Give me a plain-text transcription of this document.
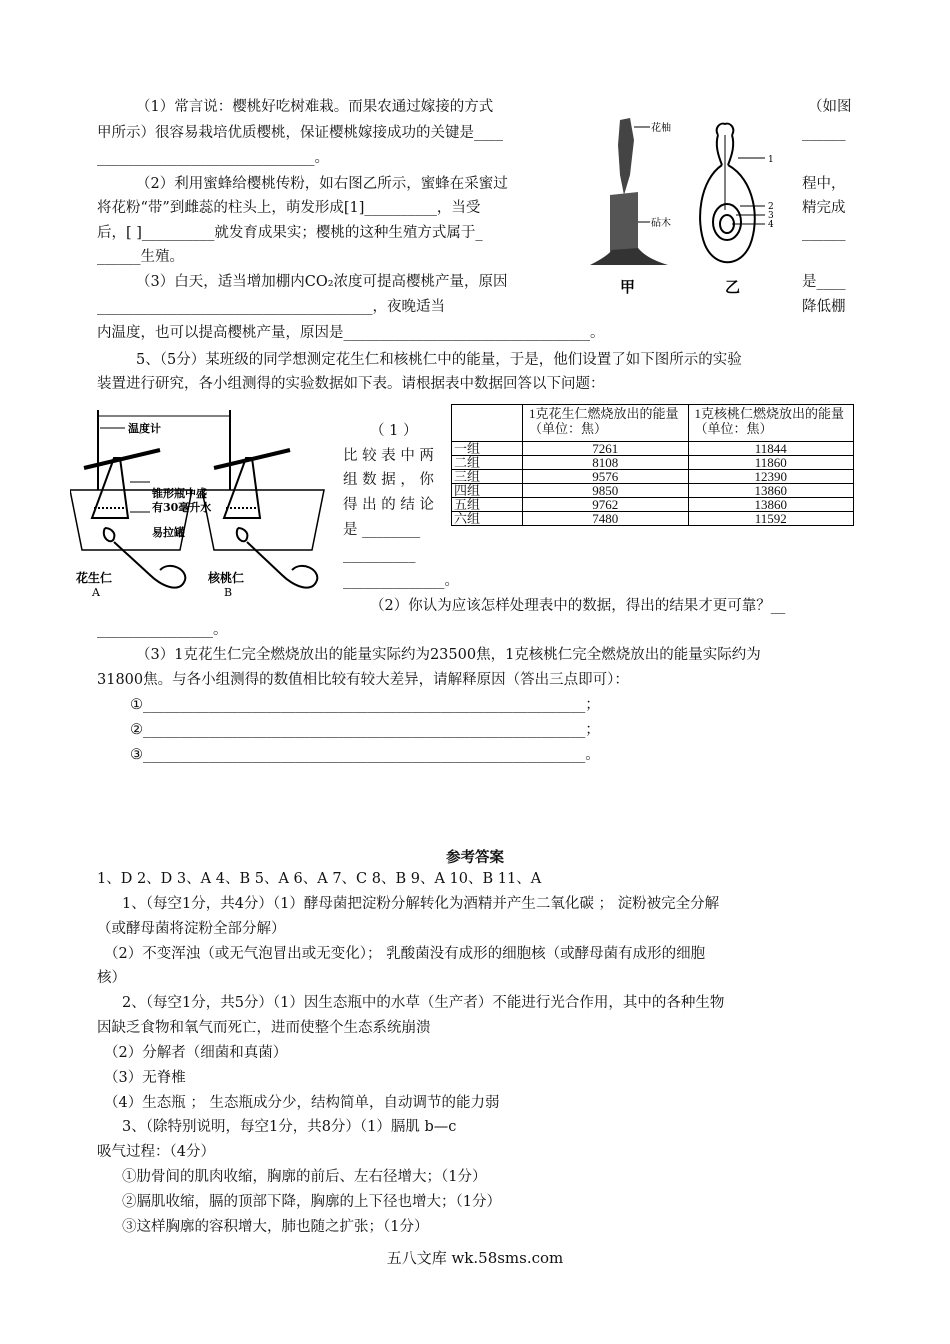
（1）常言说：樱桃好吃树难栽。而果农通过嫁接的方式	（如图
甲所示）很容易栽培优质樱桃，保证樱桃嫁接成功的关键是____	______
______________________________。
（2）利用蜜蜂给樱桃传粉，如右图乙所示，蜜蜂在采蜜过	程中，
将花粉“带”到雌蕊的柱头上，萌发形成[1]__________，当受	精完成
后，[ ]__________就发育成果实；樱桃的这种生殖方式属于_	______
______生殖。
（3）白天，适当增加棚内CO₂浓度可提高樱桃产量，原因	是____
______________________________________，夜晚适当	降低棚
内温度，也可以提高樱桃产量，原因是__________________________________。
花柚
砧木
甲
1
2
3
4
乙
5、（5分）某班级的同学想测定花生仁和核桃仁中的能量，于是，他们设置了如下图所示的实验
装置进行研究，各小组测得的实验数据如下表。请根据表中数据回答以下问题：
温度计
锥形瓶中盛
有30毫升水
易拉罐
花生仁
A
核桃仁
B
（ 1 ）
比 较 表 中 两
组 数 据 ， 你
得 出 的 结 论
是 ________
__________
______________。
	1克花生仁燃烧放出的能量（单位：焦）	1克核桃仁燃烧放出的能量（单位：焦）
一组	7261	11844
二组	8108	11860
三组	9576	12390
四组	9850	13860
五组	9762	13860
六组	7480	11592
（2）你认为应该怎样处理表中的数据，得出的结果才更可靠？__
________________。
（3）1克花生仁完全燃烧放出的能量实际约为23500焦，1克核桃仁完全燃烧放出的能量实际约为
31800焦。与各小组测得的数值相比较有较大差异，请解释原因（答出三点即可）：
①_____________________________________________________________；
②_____________________________________________________________；
③_____________________________________________________________。
参考答案
1、D 2、D 3、A 4、B 5、A 6、A 7、C 8、B 9、A 10、B 11、A
1、（每空1分，共4分）（1）酵母菌把淀粉分解转化为酒精并产生二氧化碳 ； 淀粉被完全分解
（或酵母菌将淀粉全部分解）
（2）不变浑浊（或无气泡冒出或无变化）； 乳酸菌没有成形的细胞核（或酵母菌有成形的细胞
核）
2、（每空1分，共5分）（1）因生态瓶中的水草（生产者）不能进行光合作用，其中的各种生物
因缺乏食物和氧气而死亡，进而使整个生态系统崩溃
（2）分解者（细菌和真菌）
（3）无脊椎
（4）生态瓶 ； 生态瓶成分少，结构简单，自动调节的能力弱
3、（除特别说明，每空1分，共8分）（1）膈肌 b—c
吸气过程：（4分）
①肋骨间的肌肉收缩，胸廓的前后、左右径增大；（1分）
②膈肌收缩，膈的顶部下降，胸廓的上下径也增大；（1分）
③这样胸廓的容积增大，肺也随之扩张；（1分）
五八文库 wk.58sms.com
